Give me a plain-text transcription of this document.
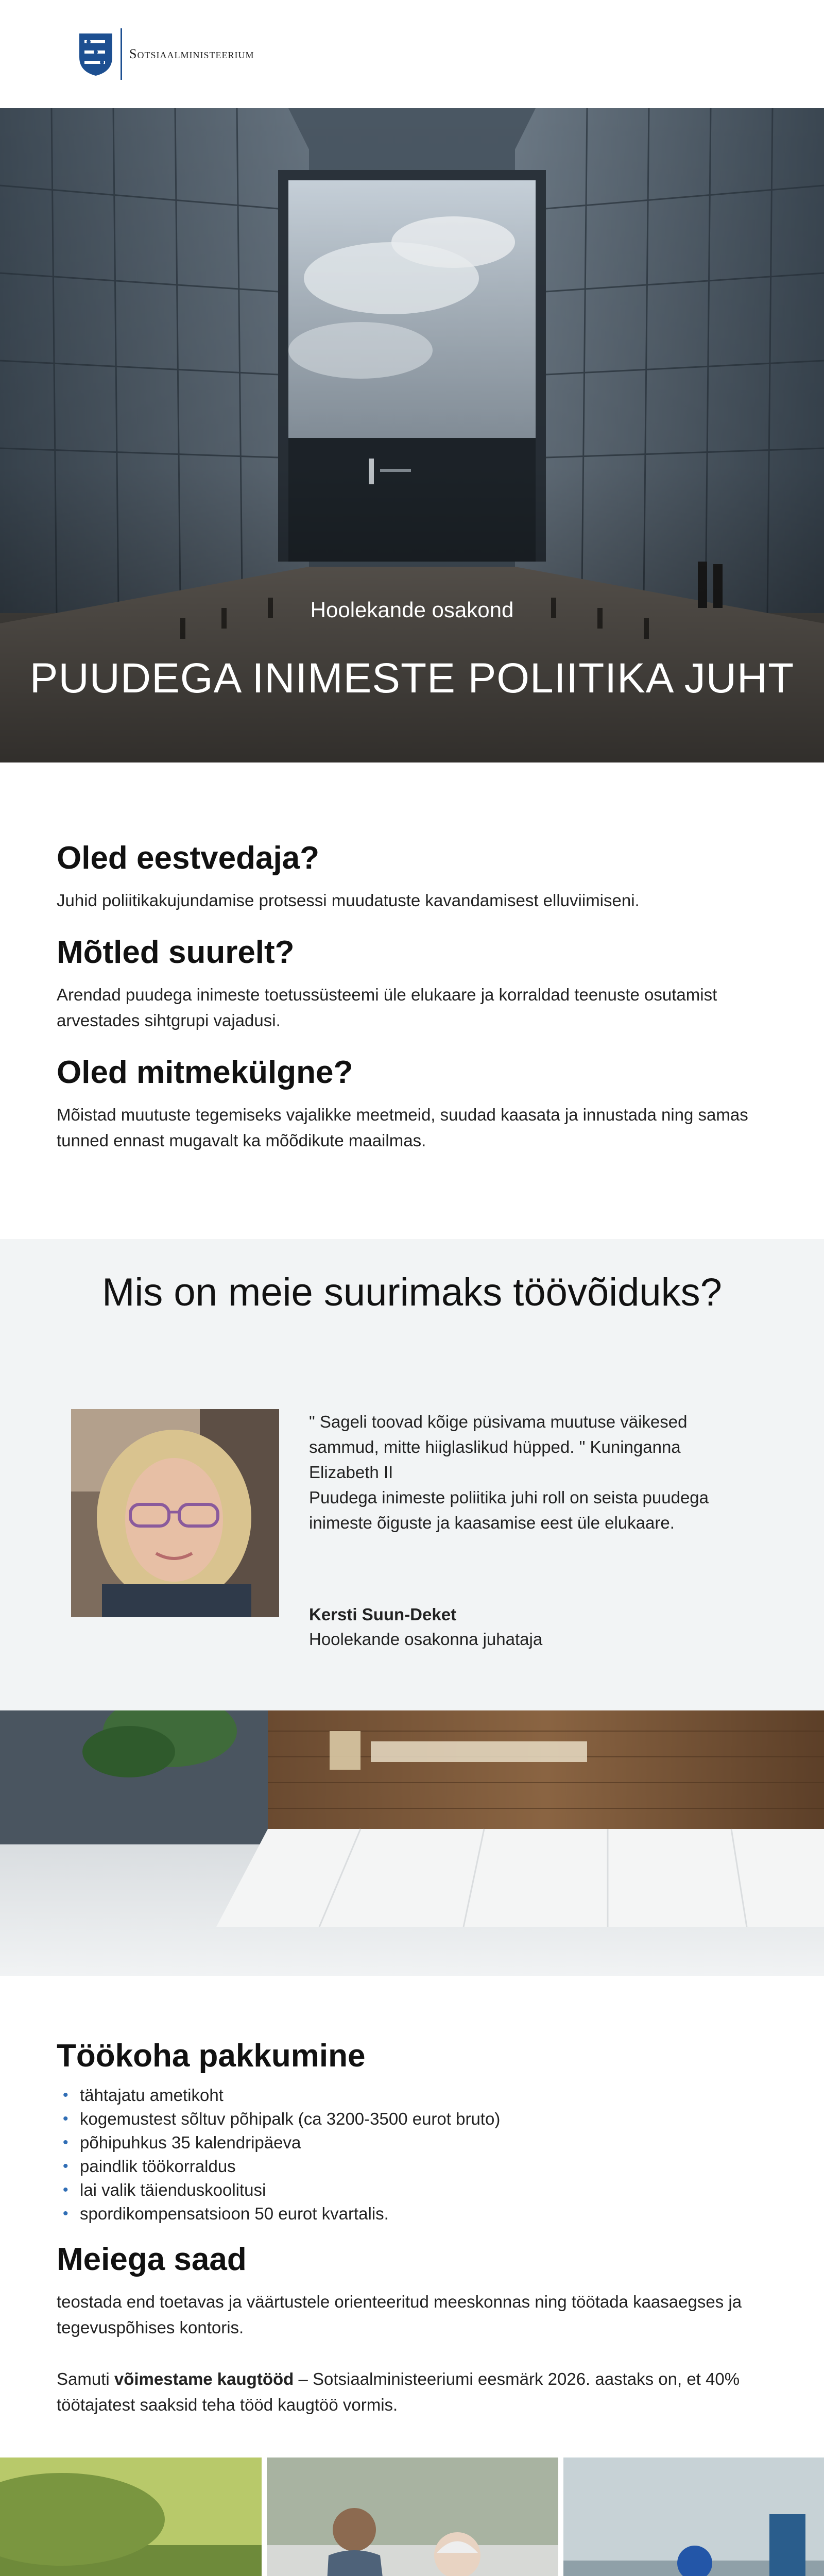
Sotsiaalministeerium
Hoolekande osakond
PUUDEGA INIMESTE POLIITIKA JUHT
Oled eestvedaja?

Juhid poliitikakujundamise protsessi muudatuste kavandamisest elluviimiseni.

Mõtled suurelt?

Arendad puudega inimeste toetussüsteemi üle elukaare ja korraldad teenuste osutamist arvestades sihtgrupi vajadusi.

Oled mitmekülgne?

Mõistad muutuste tegemiseks vajalikke meetmeid, suudad kaasata ja innustada ning samas tunned ennast mugavalt ka mõõdikute maailmas.

Mis on meie suurimaks töövõiduks?
" Sageli toovad kõige püsivama muutuse väikesed sammud, mitte hiiglaslikud hüpped. " Kuninganna Elizabeth II
Puudega inimeste poliitika juhi roll on seista puudega inimeste õiguste ja kaasamise eest üle elukaare.
Kersti Suun-Deket
Hoolekande osakonna juhataja
Töökoha pakkumine
• tähtajatu ametikoht
• kogemustest sõltuv põhipalk (ca 3200-3500 eurot bruto)
• põhipuhkus 35 kalendripäeva
• paindlik töökorraldus
• lai valik täienduskoolitusi
• spordikompensatsioon 50 eurot kvartalis.
Meiega saad

teostada end toetavas ja väärtustele orienteeritud meeskonnas ning töötada kaasaegses ja tegevuspõhises kontoris.

Samuti võimestame kaugtööd – Sotsiaalministeeriumi eesmärk 2026. aastaks on, et 40% töötajatest saaksid teha tööd kaugtöö vormis.
